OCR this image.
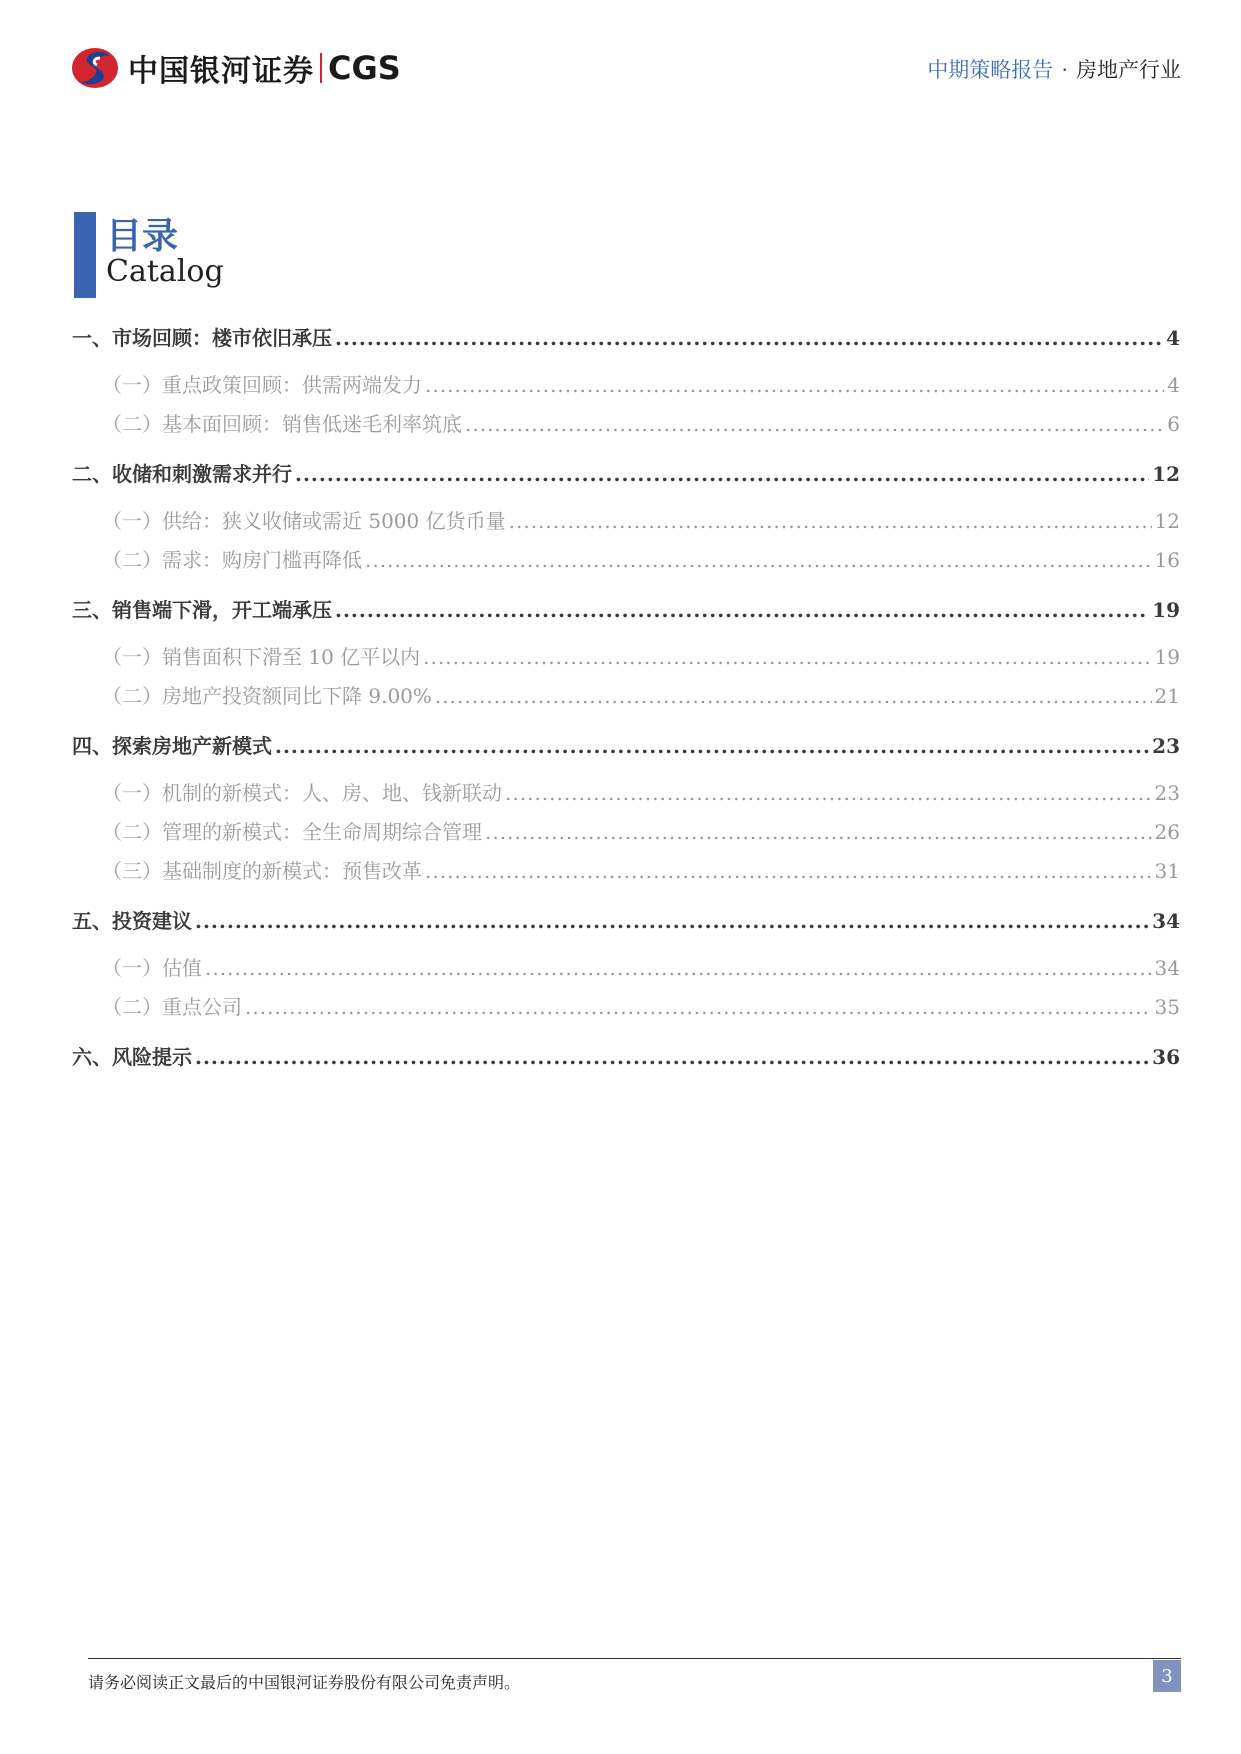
中国银河证券 CGS	中期策略报告 · 房地产行业
目录
Catalog
一、 市场回顾：楼市依旧承压 .....	4
（一） 重点政策回顾：供需两端发力 .....	4
（二） 基本面回顾：销售低迷毛利率筑底 .....	6
二、 收储和刺激需求并行 .....	12
（一） 供给：狭义收储或需近 5000 亿货币量 .....	12
（二） 需求：购房门槛再降低 .....	16
三、 销售端下滑，开工端承压 .....	19
（一） 销售面积下滑至 10 亿平以内 .....	19
（二） 房地产投资额同比下降 9.00% .....	21
四、 探索房地产新模式 .....	23
（一） 机制的新模式：人、房、地、钱新联动 .....	23
（二） 管理的新模式：全生命周期综合管理 .....	26
（三） 基础制度的新模式：预售改革 .....	31
五、 投资建议 .....	34
（一） 估值 .....	34
（二） 重点公司 .....	35
六、 风险提示 .....	36
请务必阅读正文最后的中国银河证券股份有限公司免责声明。	3
